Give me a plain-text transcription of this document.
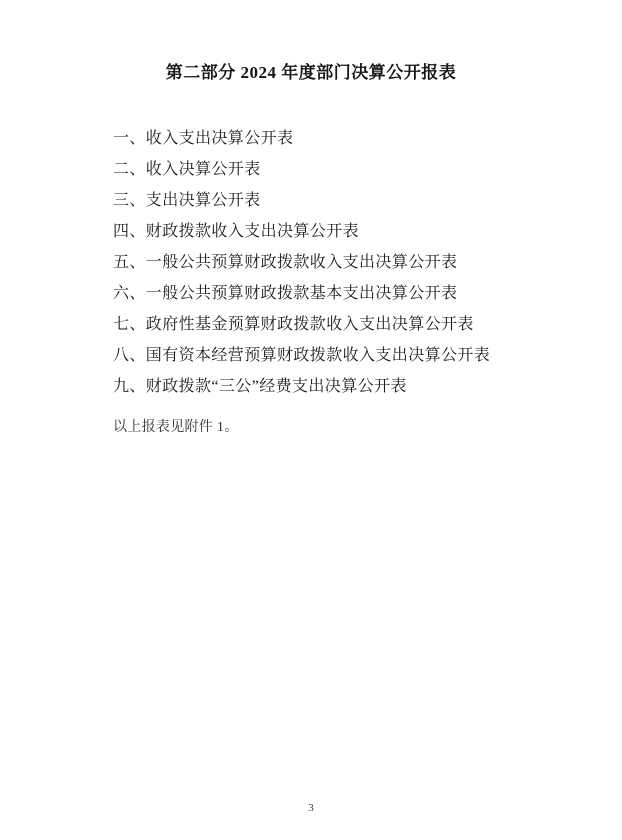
第二部分 2024 年度部门决算公开报表
一、收入支出决算公开表
二、收入决算公开表
三、支出决算公开表
四、财政拨款收入支出决算公开表
五、一般公共预算财政拨款收入支出决算公开表
六、一般公共预算财政拨款基本支出决算公开表
七、政府性基金预算财政拨款收入支出决算公开表
八、国有资本经营预算财政拨款收入支出决算公开表
九、财政拨款“三公”经费支出决算公开表
以上报表见附件 1。
3
